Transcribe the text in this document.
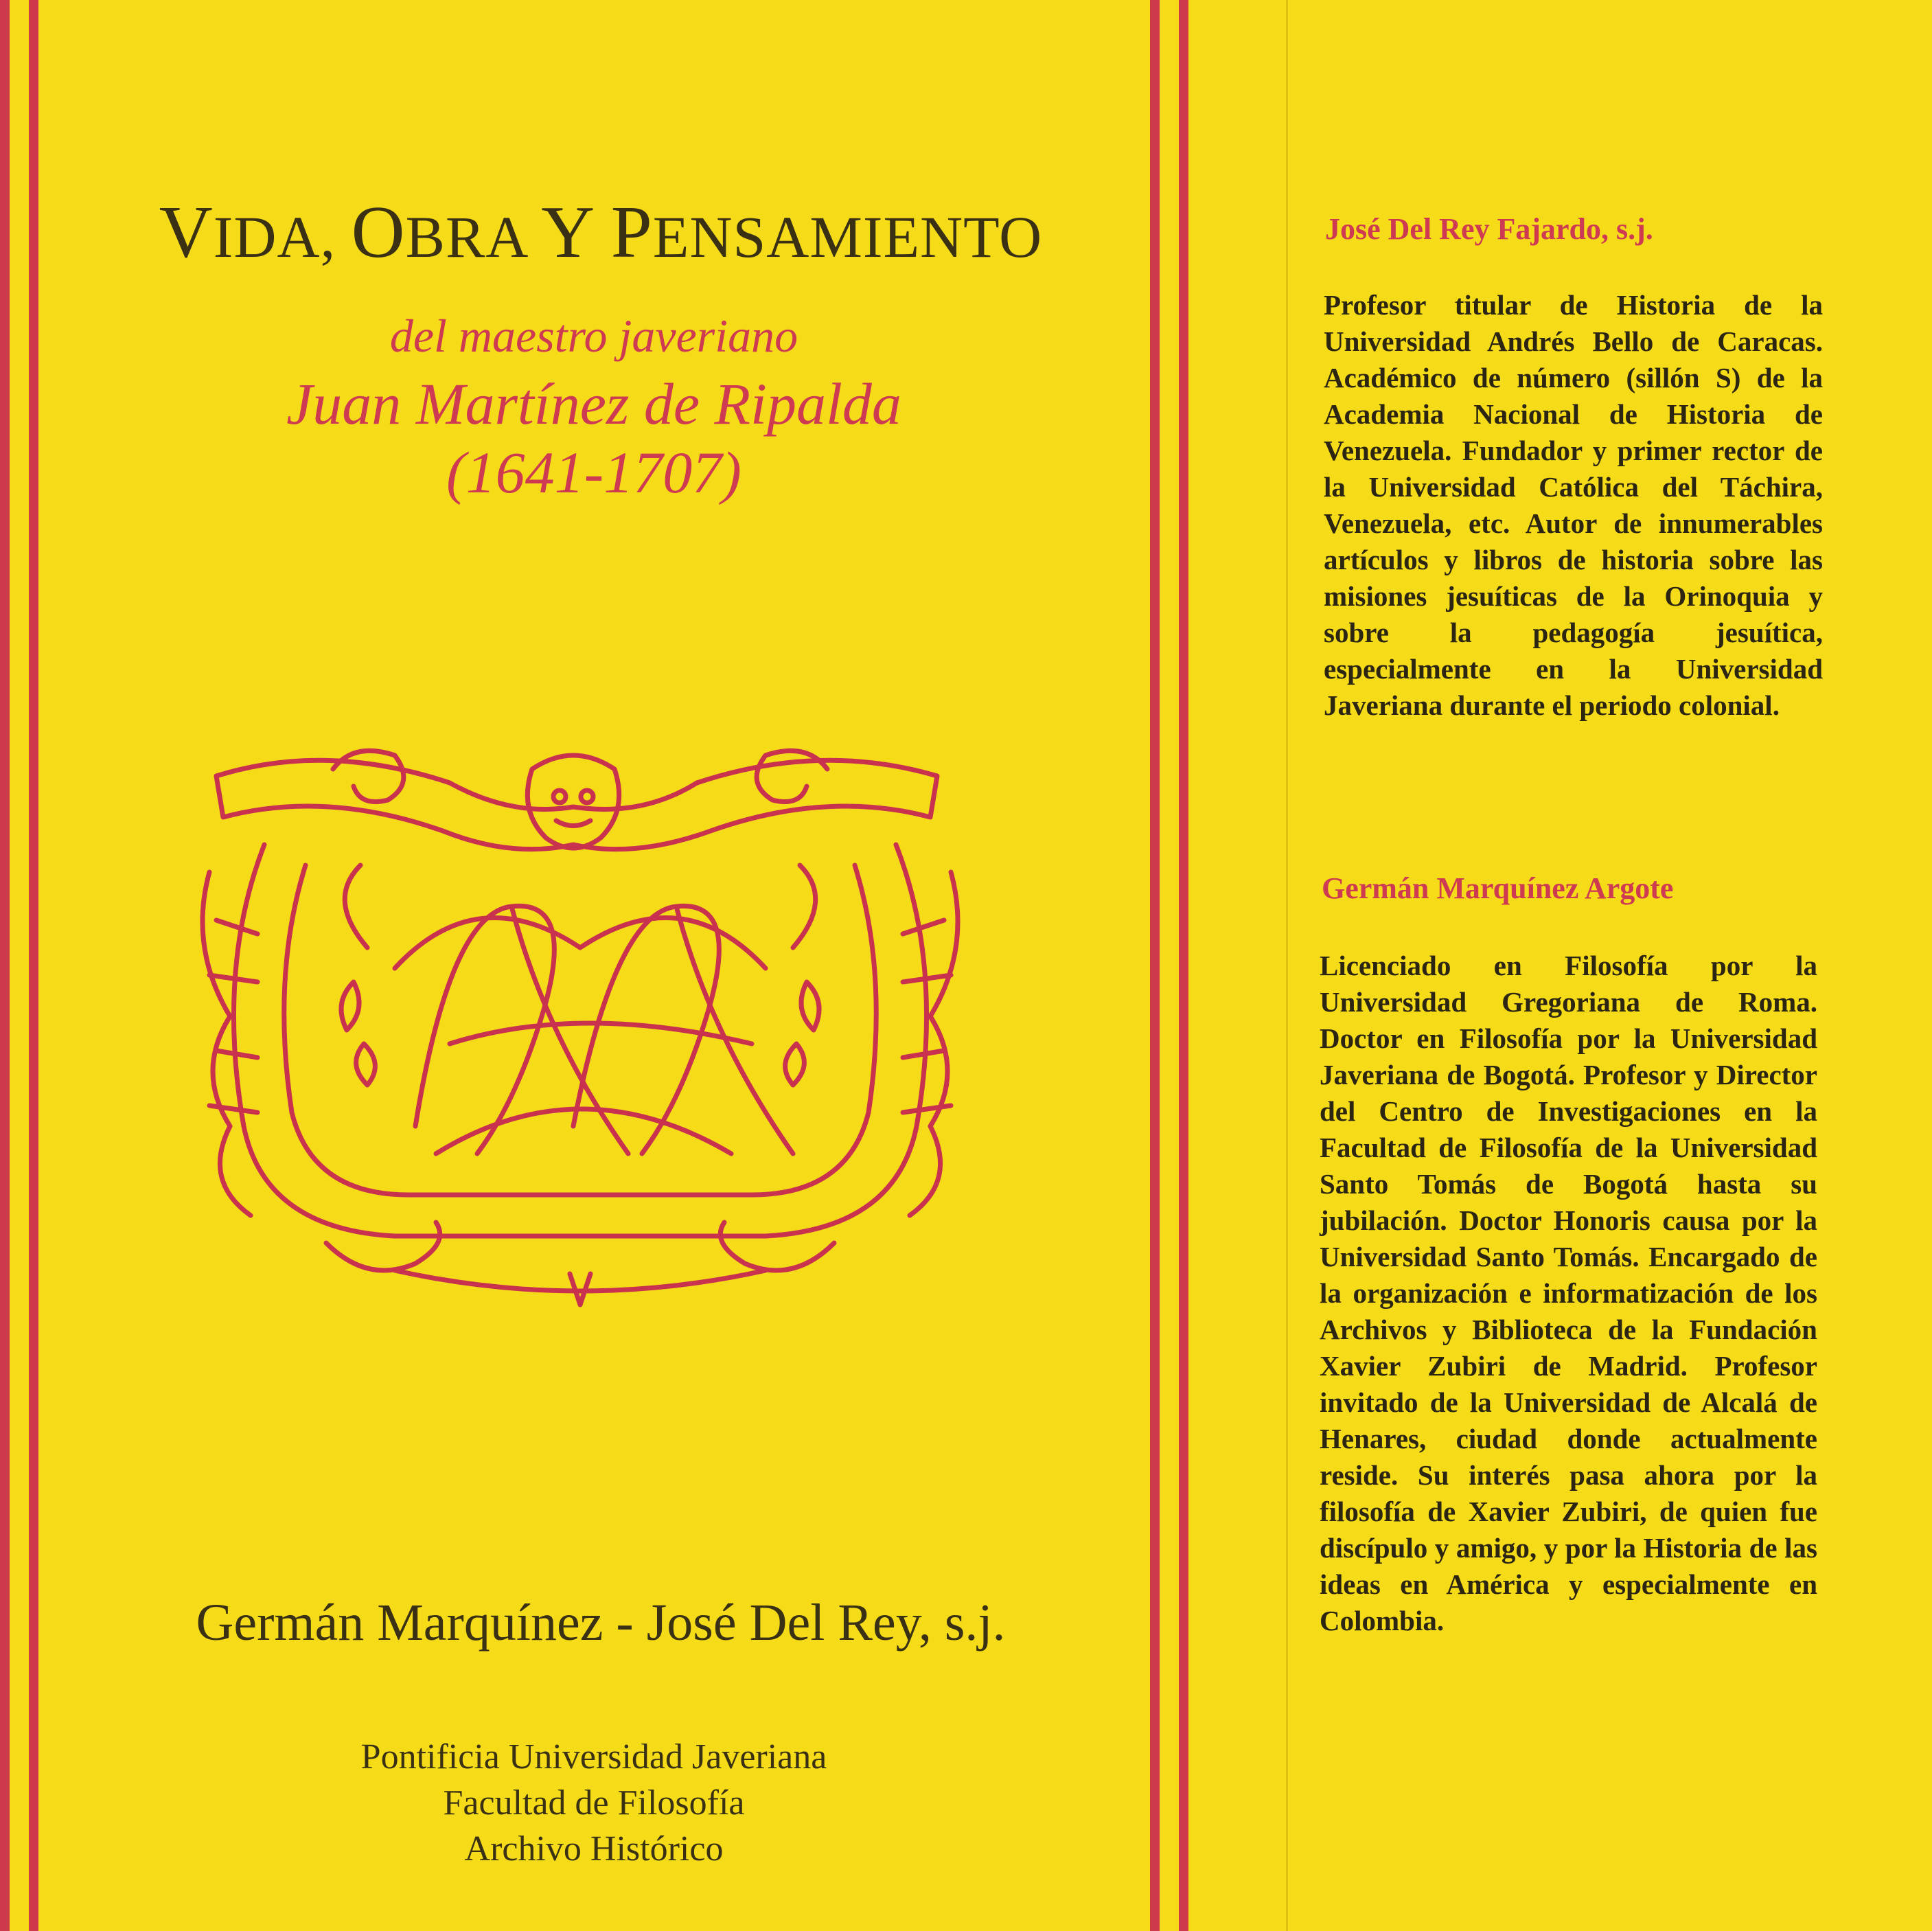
VIDA, OBRA Y PENSAMIENTO
del maestro javeriano
Juan Martínez de Ripalda
(1641-1707)
Germán Marquínez - José Del Rey, s.j.
Pontificia Universidad Javeriana
Facultad de Filosofía
Archivo Histórico
José Del Rey Fajardo, s.j.
Profesor titular de Historia de la Universidad Andrés Bello de Caracas. Académico de número (sillón S) de la Academia Nacional de Historia de Venezuela. Fundador y primer rector de la Universidad Católica del Táchira, Venezuela, etc. Autor de innumerables artículos y libros de historia sobre las misiones jesuíticas de la Orinoquia y sobre la pedagogía jesuítica, especialmente en la Universidad Javeriana durante el periodo colonial.
Germán Marquínez Argote
Licenciado en Filosofía por la Universidad Gregoriana de Roma. Doctor en Filosofía por la Universidad Javeriana de Bogotá. Profesor y Director del Centro de Investigaciones en la Facultad de Filosofía de la Universidad Santo Tomás de Bogotá hasta su jubilación. Doctor Honoris causa por la Universidad Santo Tomás. Encargado de la organización e informatización de los Archivos y Biblioteca de la Fundación Xavier Zubiri de Madrid. Profesor invitado de la Universidad de Alcalá de Henares, ciudad donde actualmente reside. Su interés pasa ahora por la filosofía de Xavier Zubiri, de quien fue discípulo y amigo, y por la Historia de las ideas en América y especialmente en Colombia.
